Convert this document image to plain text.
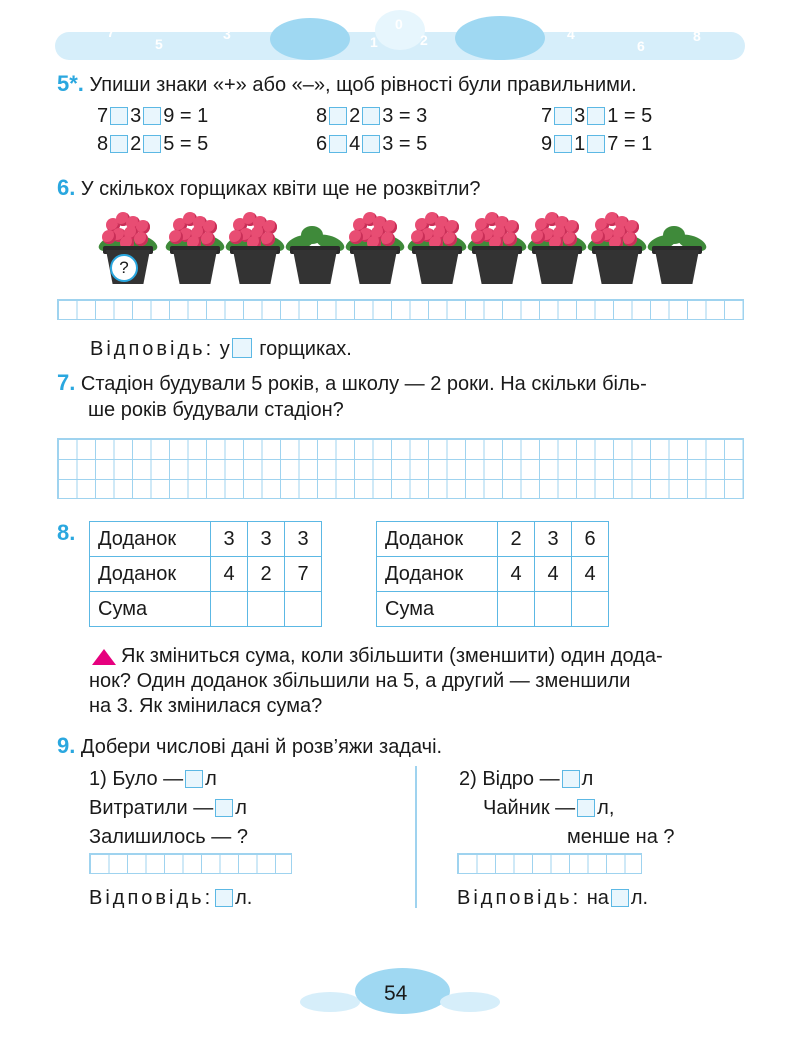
7
5
3
0
1	2	4
6
8
5*. Упиши знаки «+» або «–», щоб рівності були правильними.
7 3 9 = 1	8 2 3 = 3	7 3 1 = 5
8 2 5 = 5	6 4 3 = 5	9 1 7 = 1
6. У скількох горщиках квіти ще не розквітли?
?
Відповідь: у горщиках.
7. Стадіон будували 5 років, а школу — 2 роки. На скільки біль-
ше років будували стадіон?
8. Доданок	3	3	3
Доданок	4	2	7
Сума			
Доданок	2	3	6
Доданок	4	4	4
Сума			
Як зміниться сума, коли збільшити (зменшити) один дода-
нок? Один доданок збільшили на 5, а другий — зменшили
на 3. Як змінилася сума?
9. Добери числові дані й розв’яжи задачі.
1) Було — л
Витратили — л
Залишилось — ?
Відповідь: л.
2) Відро — л
Чайник — л,
менше на ?
Відповідь: на л.
54
